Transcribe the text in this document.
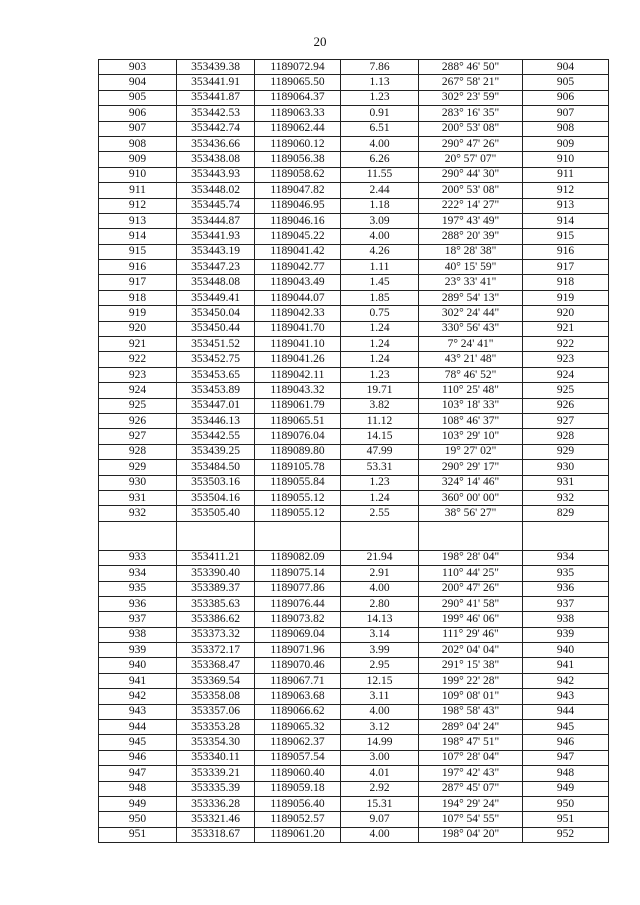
20
903	353439.38	1189072.94	7.86	288° 46' 50"	904
904	353441.91	1189065.50	1.13	267° 58' 21"	905
905	353441.87	1189064.37	1.23	302° 23' 59"	906
906	353442.53	1189063.33	0.91	283° 16' 35"	907
907	353442.74	1189062.44	6.51	200° 53' 08"	908
908	353436.66	1189060.12	4.00	290° 47' 26"	909
909	353438.08	1189056.38	6.26	20° 57' 07"	910
910	353443.93	1189058.62	11.55	290° 44' 30"	911
911	353448.02	1189047.82	2.44	200° 53' 08"	912
912	353445.74	1189046.95	1.18	222° 14' 27"	913
913	353444.87	1189046.16	3.09	197° 43' 49"	914
914	353441.93	1189045.22	4.00	288° 20' 39"	915
915	353443.19	1189041.42	4.26	18° 28' 38"	916
916	353447.23	1189042.77	1.11	40° 15' 59"	917
917	353448.08	1189043.49	1.45	23° 33' 41"	918
918	353449.41	1189044.07	1.85	289° 54' 13"	919
919	353450.04	1189042.33	0.75	302° 24' 44"	920
920	353450.44	1189041.70	1.24	330° 56' 43"	921
921	353451.52	1189041.10	1.24	7° 24' 41"	922
922	353452.75	1189041.26	1.24	43° 21' 48"	923
923	353453.65	1189042.11	1.23	78° 46' 52"	924
924	353453.89	1189043.32	19.71	110° 25' 48"	925
925	353447.01	1189061.79	3.82	103° 18' 33"	926
926	353446.13	1189065.51	11.12	108° 46' 37"	927
927	353442.55	1189076.04	14.15	103° 29' 10"	928
928	353439.25	1189089.80	47.99	19° 27' 02"	929
929	353484.50	1189105.78	53.31	290° 29' 17"	930
930	353503.16	1189055.84	1.23	324° 14' 46"	931
931	353504.16	1189055.12	1.24	360° 00' 00"	932
932	353505.40	1189055.12	2.55	38° 56' 27"	829

933	353411.21	1189082.09	21.94	198° 28' 04"	934
934	353390.40	1189075.14	2.91	110° 44' 25"	935
935	353389.37	1189077.86	4.00	200° 47' 26"	936
936	353385.63	1189076.44	2.80	290° 41' 58"	937
937	353386.62	1189073.82	14.13	199° 46' 06"	938
938	353373.32	1189069.04	3.14	111° 29' 46"	939
939	353372.17	1189071.96	3.99	202° 04' 04"	940
940	353368.47	1189070.46	2.95	291° 15' 38"	941
941	353369.54	1189067.71	12.15	199° 22' 28"	942
942	353358.08	1189063.68	3.11	109° 08' 01"	943
943	353357.06	1189066.62	4.00	198° 58' 43"	944
944	353353.28	1189065.32	3.12	289° 04' 24"	945
945	353354.30	1189062.37	14.99	198° 47' 51"	946
946	353340.11	1189057.54	3.00	107° 28' 04"	947
947	353339.21	1189060.40	4.01	197° 42' 43"	948
948	353335.39	1189059.18	2.92	287° 45' 07"	949
949	353336.28	1189056.40	15.31	194° 29' 24"	950
950	353321.46	1189052.57	9.07	107° 54' 55"	951
951	353318.67	1189061.20	4.00	198° 04' 20"	952
